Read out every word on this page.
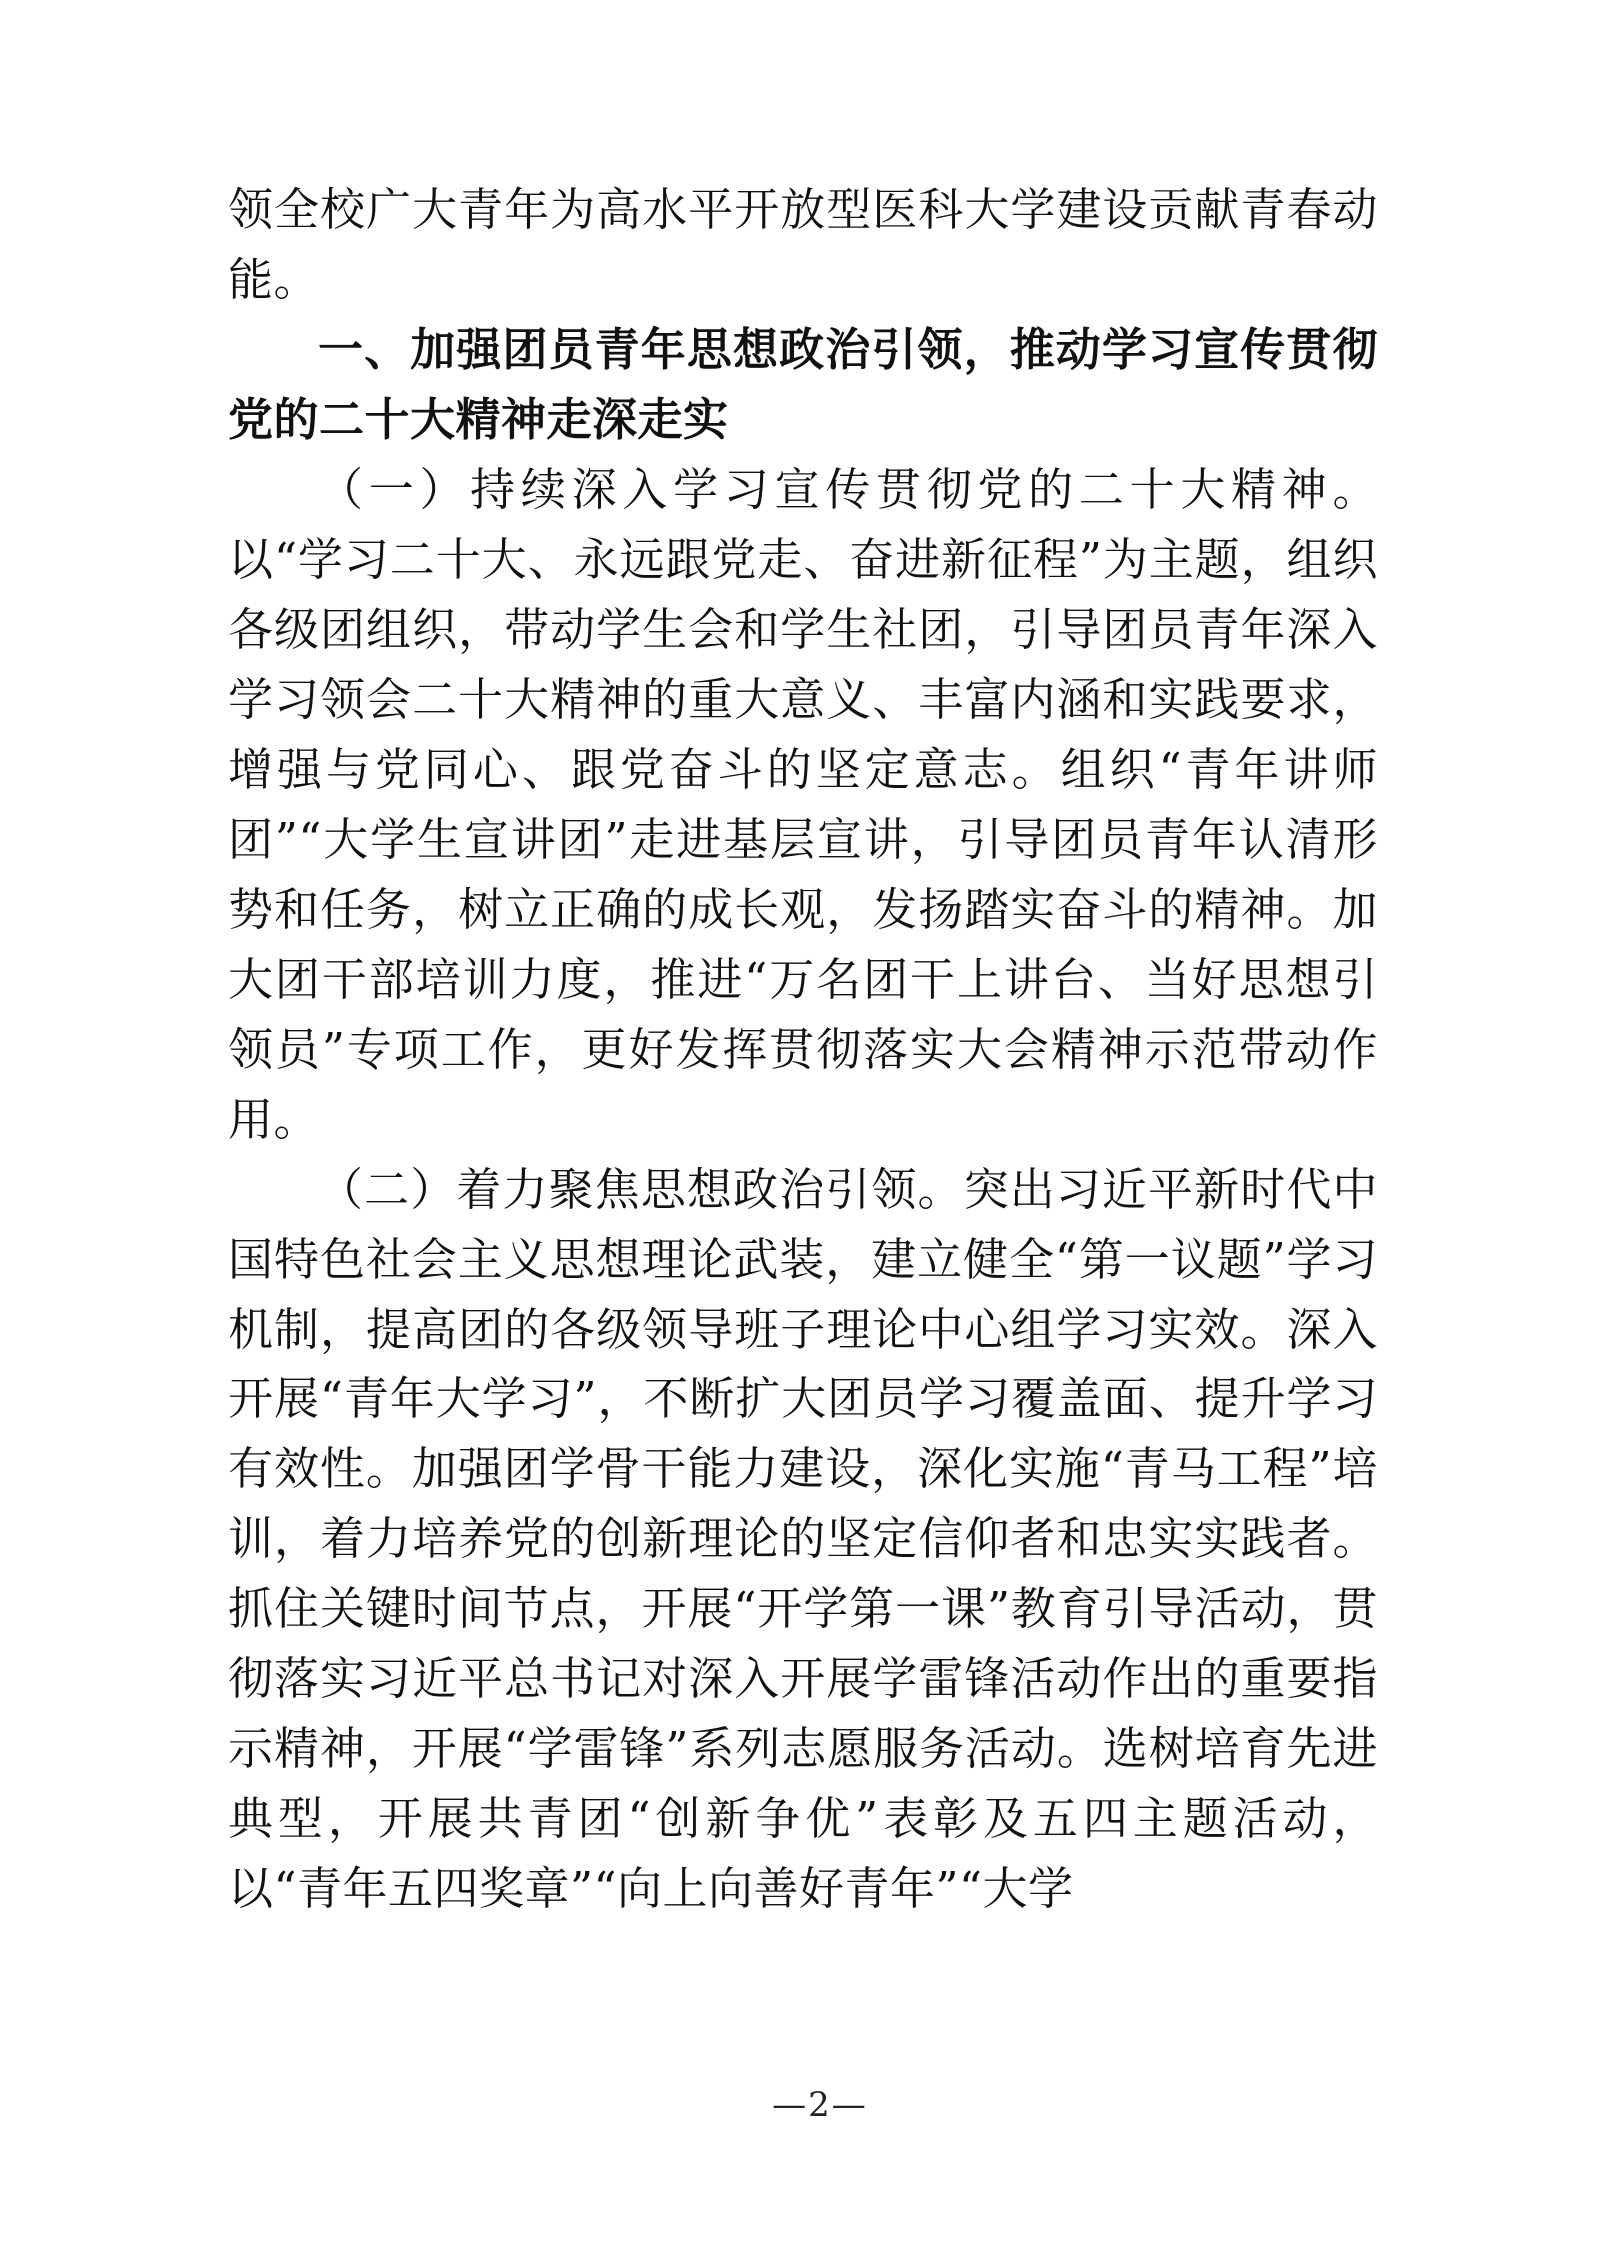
领全校广大青年为高水平开放型医科大学建设贡献青春动能。

一、加强团员青年思想政治引领，推动学习宣传贯彻党的二十大精神走深走实

（一）持续深入学习宣传贯彻党的二十大精神。以“学习二十大、永远跟党走、奋进新征程”为主题，组织各级团组织，带动学生会和学生社团，引导团员青年深入学习领会二十大精神的重大意义、丰富内涵和实践要求，增强与党同心、跟党奋斗的坚定意志。组织“青年讲师团”“大学生宣讲团”走进基层宣讲，引导团员青年认清形势和任务，树立正确的成长观，发扬踏实奋斗的精神。加大团干部培训力度，推进“万名团干上讲台、当好思想引领员”专项工作，更好发挥贯彻落实大会精神示范带动作用。

（二）着力聚焦思想政治引领。突出习近平新时代中国特色社会主义思想理论武装，建立健全“第一议题”学习机制，提高团的各级领导班子理论中心组学习实效。深入开展“青年大学习”，不断扩大团员学习覆盖面、提升学习有效性。加强团学骨干能力建设，深化实施“青马工程”培训，着力培养党的创新理论的坚定信仰者和忠实实践者。抓住关键时间节点，开展“开学第一课”教育引导活动，贯彻落实习近平总书记对深入开展学雷锋活动作出的重要指示精神，开展“学雷锋”系列志愿服务活动。选树培育先进典型，开展共青团“创新争优”表彰及五四主题活动，以“青年五四奖章”“向上向善好青年”“大学

—2—
